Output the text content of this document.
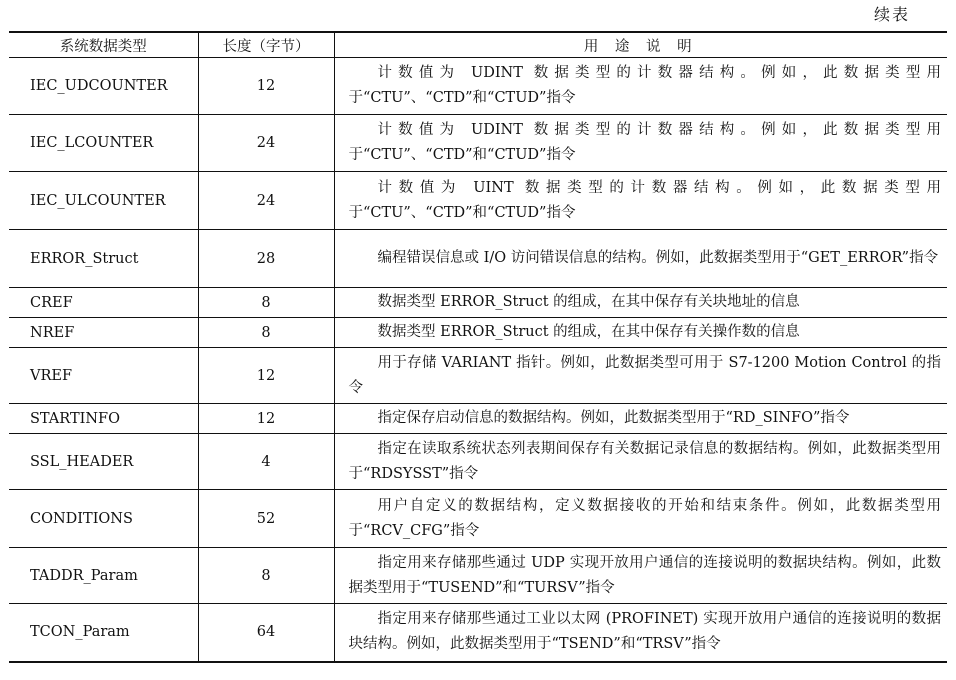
续表
系统数据类型	长度（字节）	用 途 说 明
IEC_UDCOUNTER	12	计数值为 UDINT 数据类型的计数器结构。例如，此数据类型用于“CTU”、“CTD”和“CTUD”指令
IEC_LCOUNTER	24	计数值为 UDINT 数据类型的计数器结构。例如，此数据类型用于“CTU”、“CTD”和“CTUD”指令
IEC_ULCOUNTER	24	计数值为 UINT 数据类型的计数器结构。例如，此数据类型用于“CTU”、“CTD”和“CTUD”指令
ERROR_Struct	28	编程错误信息或 I/O 访问错误信息的结构。例如，此数据类型用于“GET_ERROR”指令
CREF	8	数据类型 ERROR_Struct 的组成，在其中保存有关块地址的信息
NREF	8	数据类型 ERROR_Struct 的组成，在其中保存有关操作数的信息
VREF	12	用于存储 VARIANT 指针。例如，此数据类型可用于 S7-1200 Motion Control 的指令
STARTINFO	12	指定保存启动信息的数据结构。例如，此数据类型用于“RD_SINFO”指令
SSL_HEADER	4	指定在读取系统状态列表期间保存有关数据记录信息的数据结构。例如，此数据类型用于“RDSYSST”指令
CONDITIONS	52	用户自定义的数据结构，定义数据接收的开始和结束条件。例如，此数据类型用于“RCV_CFG”指令
TADDR_Param	8	指定用来存储那些通过 UDP 实现开放用户通信的连接说明的数据块结构。例如，此数据类型用于“TUSEND”和“TURSV”指令
TCON_Param	64	指定用来存储那些通过工业以太网 (PROFINET) 实现开放用户通信的连接说明的数据块结构。例如，此数据类型用于“TSEND”和“TRSV”指令
